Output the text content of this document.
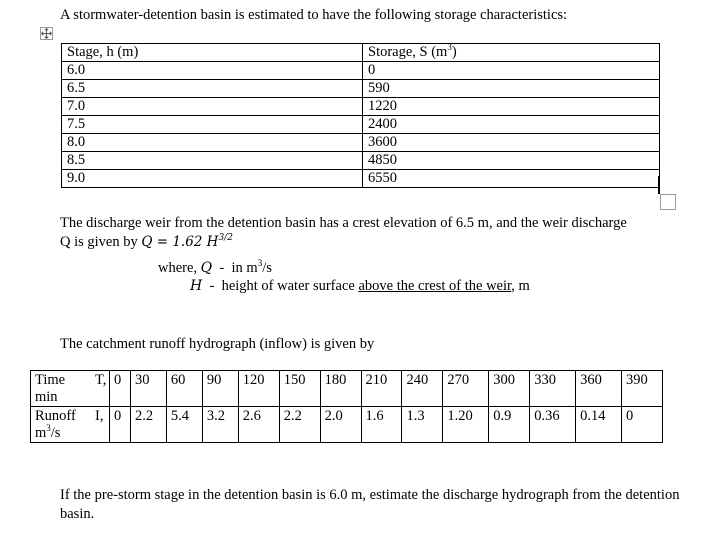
A stormwater-detention basin is estimated to have the following storage characteristics:
Stage, h (m)	Storage, S $(m^3)$
6.0	0
6.5	590
7.0	1220
7.5	2400
8.0	3600
8.5	4850
9.0	6550
The discharge weir from the detention basin has a crest elevation of 6.5 m, and the weir discharge
Q is given by Q = 1.62 $H^{3/2}$
where, Q - in $m^3/s$
H - height of water surface above the crest of the weir, m
The catchment runoff hydrograph (inflow) is given by
Time min	T,	0	30	60	90	120	150	180	210	240	270	300	330	360	390
Runoff $m^3/s$	I,	0	2.2	5.4	3.2	2.6	2.2	2.0	1.6	1.3	1.20	0.9	0.36	0.14	0
If the pre-storm stage in the detention basin is 6.0 m, estimate the discharge hydrograph from the detention basin.
